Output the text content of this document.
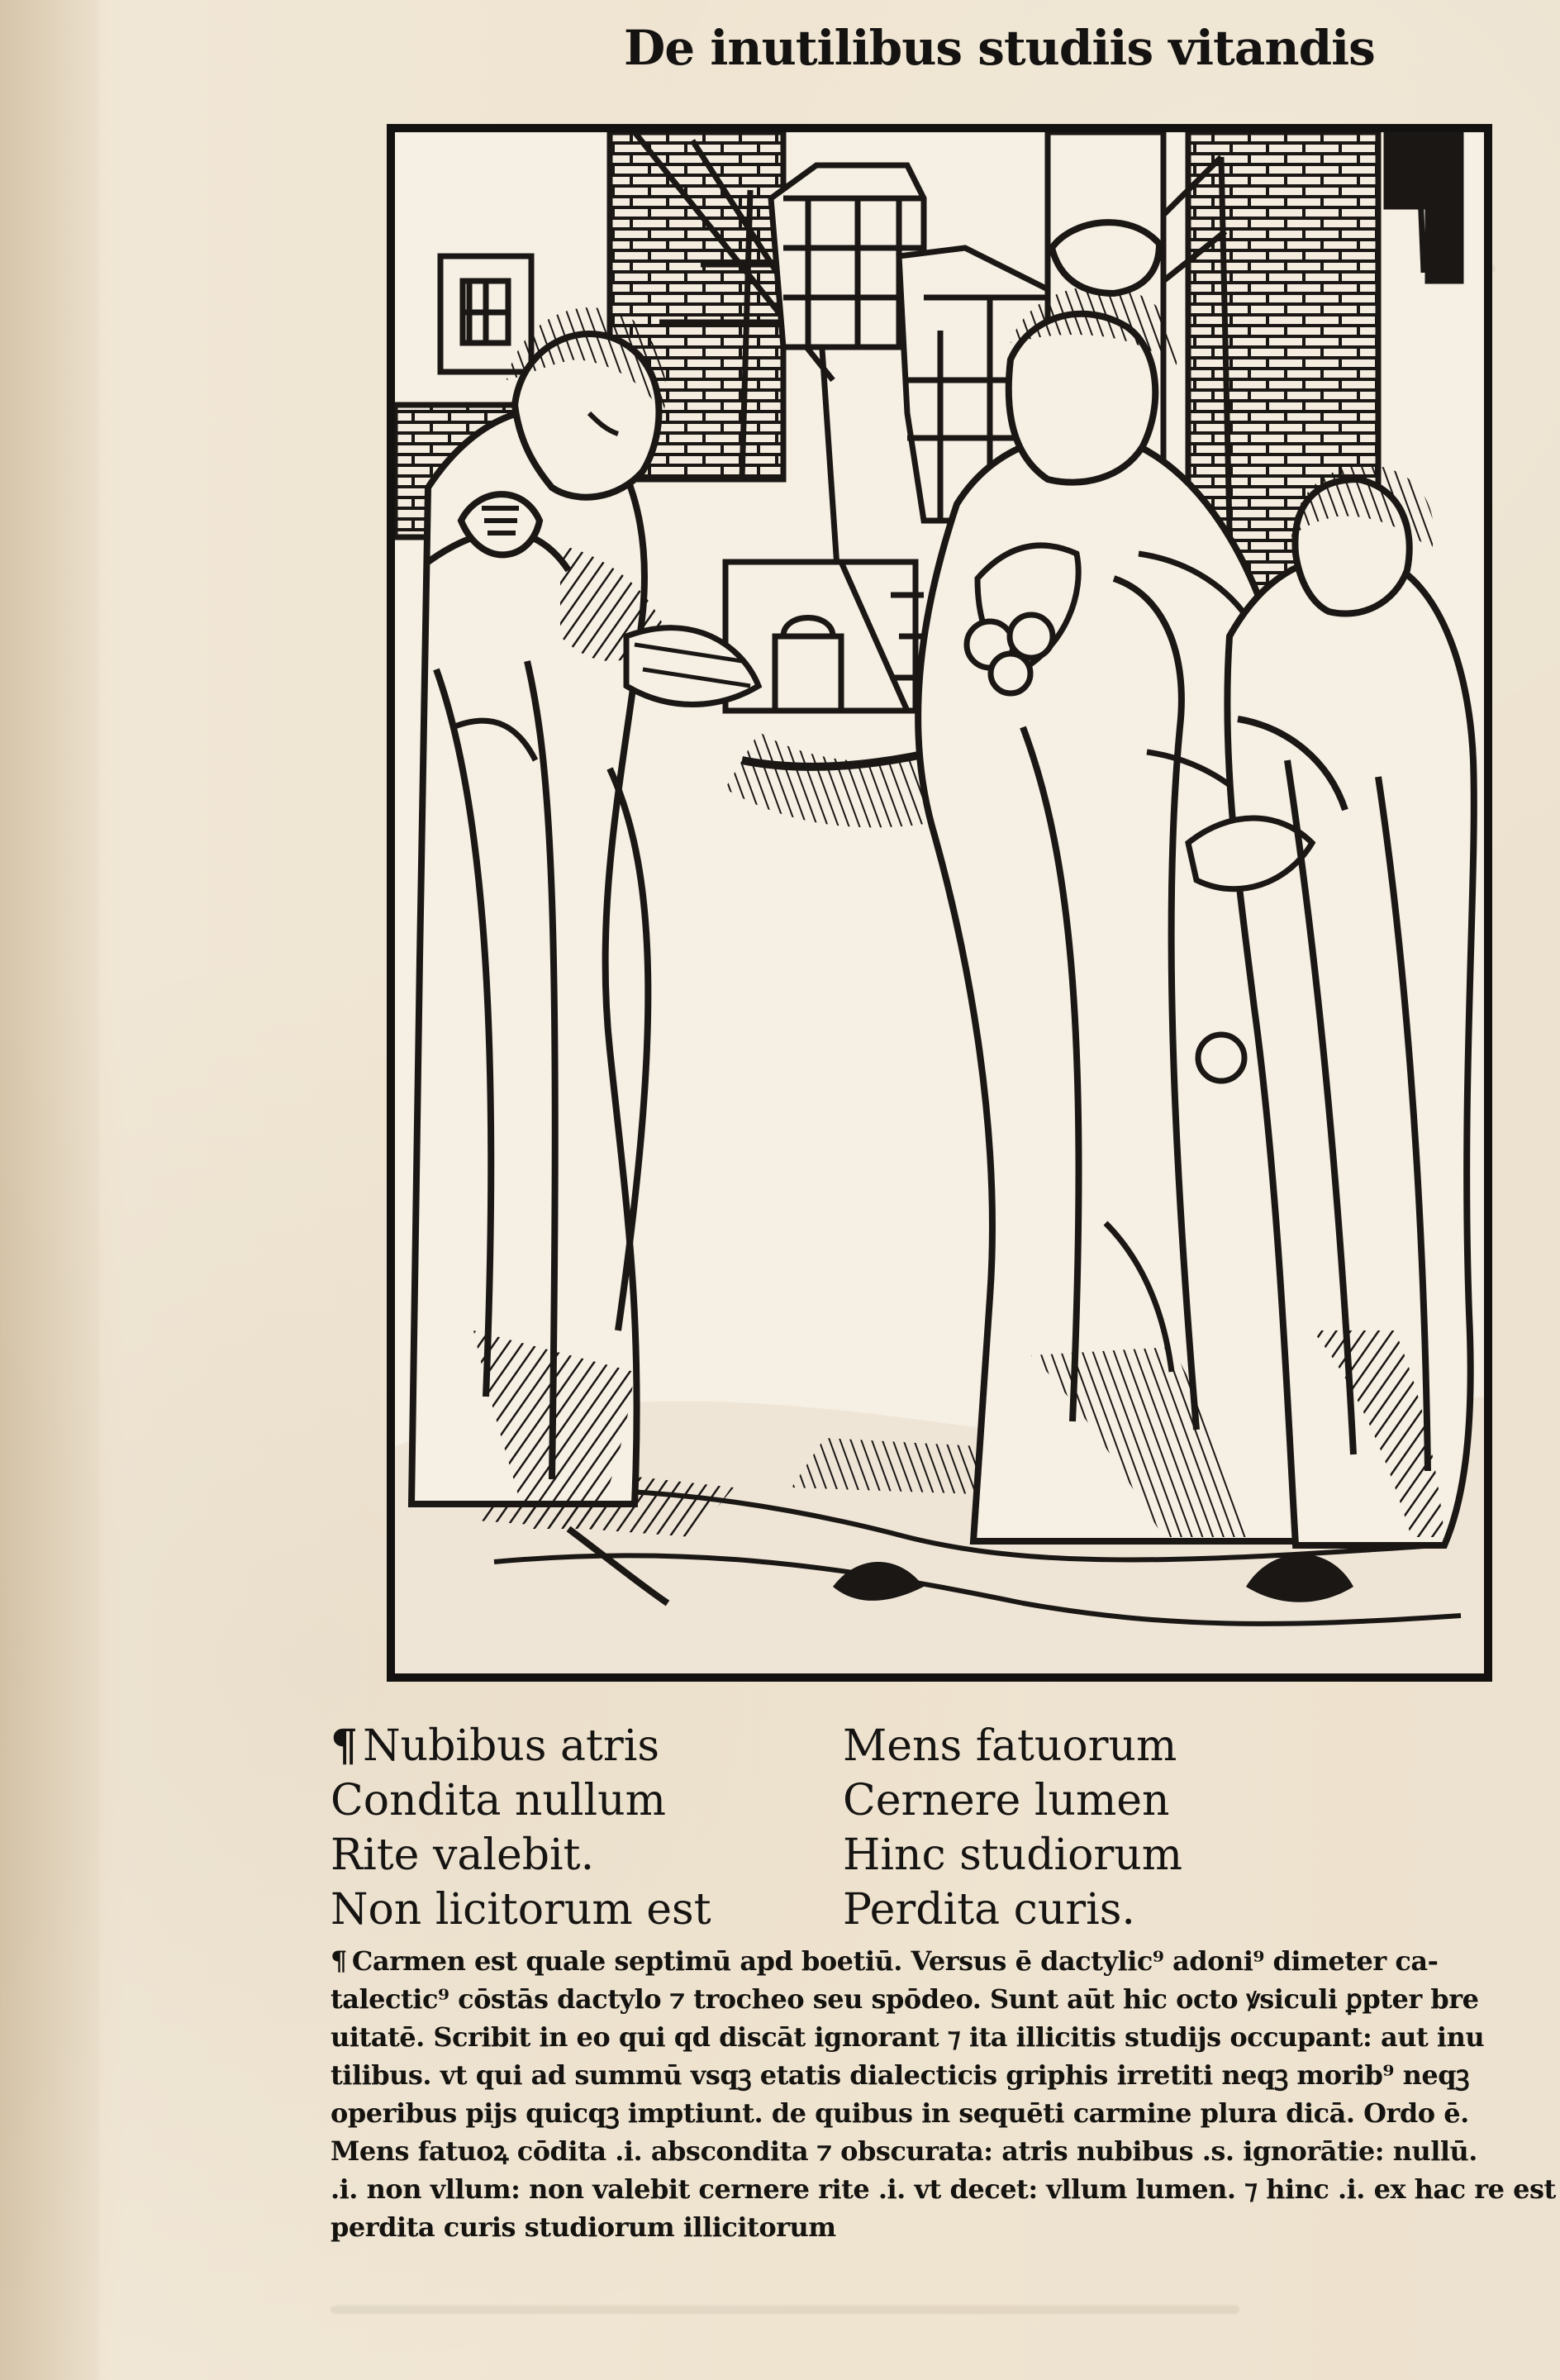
De inutilibus studiis vitandis
¶ Nubibus atris
Condita nullum
Rite valebit.
Non licitorum est
Mens fatuorum
Cernere lumen
Hinc studiorum
Perdita curis.
¶ Carmen est quale septimū apd boetiū. Versus ē dactylic⁹ adoni⁹ dimeter ca-
talectic⁹ cōstās dactylo ⁊ trocheo seu spōdeo. Sunt aūt hic octo ꝟsiculi ꝑpter bre
uitatē. Scribit in eo qui qd discāt ignorant ⁊ ita illicitis studijs occupant: aut inu
tilibus. vt qui ad summū vsqꝫ etatis dialecticis griphis irretiti neqꝫ morib⁹ neqꝫ
operibus pijs quicqꝫ imptiunt. de quibus in sequēti carmine plura dicā. Ordo ē.
Mens fatuoꝝ cōdita .i. abscondita ⁊ obscurata: atris nubibus .s. ignorātie: nullū.
.i. non vllum: non valebit cernere rite .i. vt decet: vllum lumen. ⁊ hinc .i. ex hac re est
perdita curis studiorum illicitorum
